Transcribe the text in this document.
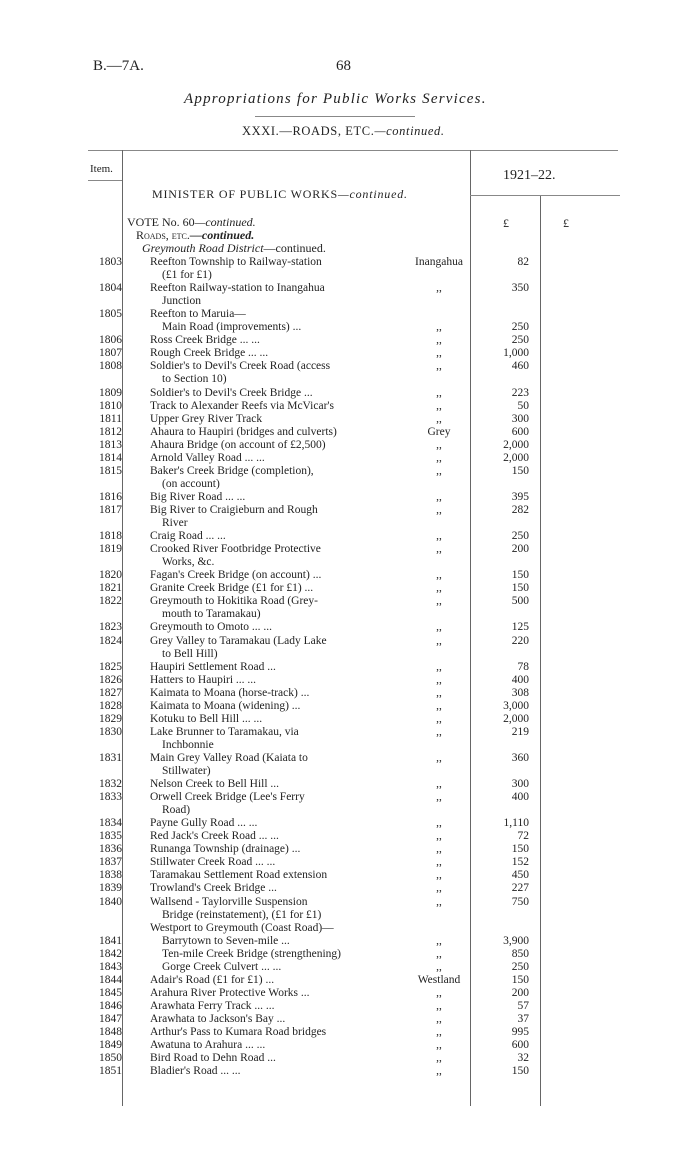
B.—7A.	68
Appropriations for Public Works Services.
XXXI.—ROADS, ETC.—continued.
Item.	1921–22.
MINISTER OF PUBLIC WORKS—continued.
VOTE No. 60—continued.
Roads, etc.—continued.
Greymouth Road District—continued.
£	£
1803 Reefton Township to Railway-station	Inangahua	82
(£1 for £1)
1804 Reefton Railway-station to Inangahua	,,	350
Junction
1805 Reefton to Maruia—
Main Road (improvements) ...	,,	250
1806 Ross Creek Bridge ... ...	,,	250
1807 Rough Creek Bridge ... ...	,,	1,000
1808 Soldier's to Devil's Creek Road (access	,,	460
to Section 10)
1809 Soldier's to Devil's Creek Bridge ...	,,	223
1810 Track to Alexander Reefs via McVicar's	,,	50
1811 Upper Grey River Track	,,	300
1812 Ahaura to Haupiri (bridges and culverts)	Grey	600
1813 Ahaura Bridge (on account of £2,500)	,,	2,000
1814 Arnold Valley Road ... ...	,,	2,000
1815 Baker's Creek Bridge (completion),	,,	150
(on account)
1816 Big River Road ... ...	,,	395
1817 Big River to Craigieburn and Rough	,,	282
River
1818 Craig Road ... ...	,,	250
1819 Crooked River Footbridge Protective	,,	200
Works, &c.
1820 Fagan's Creek Bridge (on account) ...	,,	150
1821 Granite Creek Bridge (£1 for £1) ...	,,	150
1822 Greymouth to Hokitika Road (Grey-	,,	500
mouth to Taramakau)
1823 Greymouth to Omoto ... ...	,,	125
1824 Grey Valley to Taramakau (Lady Lake	,,	220
to Bell Hill)
1825 Haupiri Settlement Road ...	,,	78
1826 Hatters to Haupiri ... ...	,,	400
1827 Kaimata to Moana (horse-track) ...	,,	308
1828 Kaimata to Moana (widening) ...	,,	3,000
1829 Kotuku to Bell Hill ... ...	,,	2,000
1830 Lake Brunner to Taramakau, via	,,	219
Inchbonnie
1831 Main Grey Valley Road (Kaiata to	,,	360
Stillwater)
1832 Nelson Creek to Bell Hill ...	,,	300
1833 Orwell Creek Bridge (Lee's Ferry	,,	400
Road)
1834 Payne Gully Road ... ...	,,	1,110
1835 Red Jack's Creek Road ... ...	,,	72
1836 Runanga Township (drainage) ...	,,	150
1837 Stillwater Creek Road ... ...	,,	152
1838 Taramakau Settlement Road extension	,,	450
1839 Trowland's Creek Bridge ...	,,	227
1840 Wallsend - Taylorville Suspension	,,	750
Bridge (reinstatement), (£1 for £1)
Westport to Greymouth (Coast Road)—
1841	Barrytown to Seven-mile ...	,,	3,900
1842	Ten-mile Creek Bridge (strengthening)	,,	850
1843	Gorge Creek Culvert ... ...	,,	250
1844 Adair's Road (£1 for £1) ...	Westland	150
1845 Arahura River Protective Works ...	,,	200
1846 Arawhata Ferry Track ... ...	,,	57
1847 Arawhata to Jackson's Bay ...	,,	37
1848 Arthur's Pass to Kumara Road bridges	,,	995
1849 Awatuna to Arahura ... ...	,,	600
1850 Bird Road to Dehn Road ...	,,	32
1851 Bladier's Road ... ...	,,	150
